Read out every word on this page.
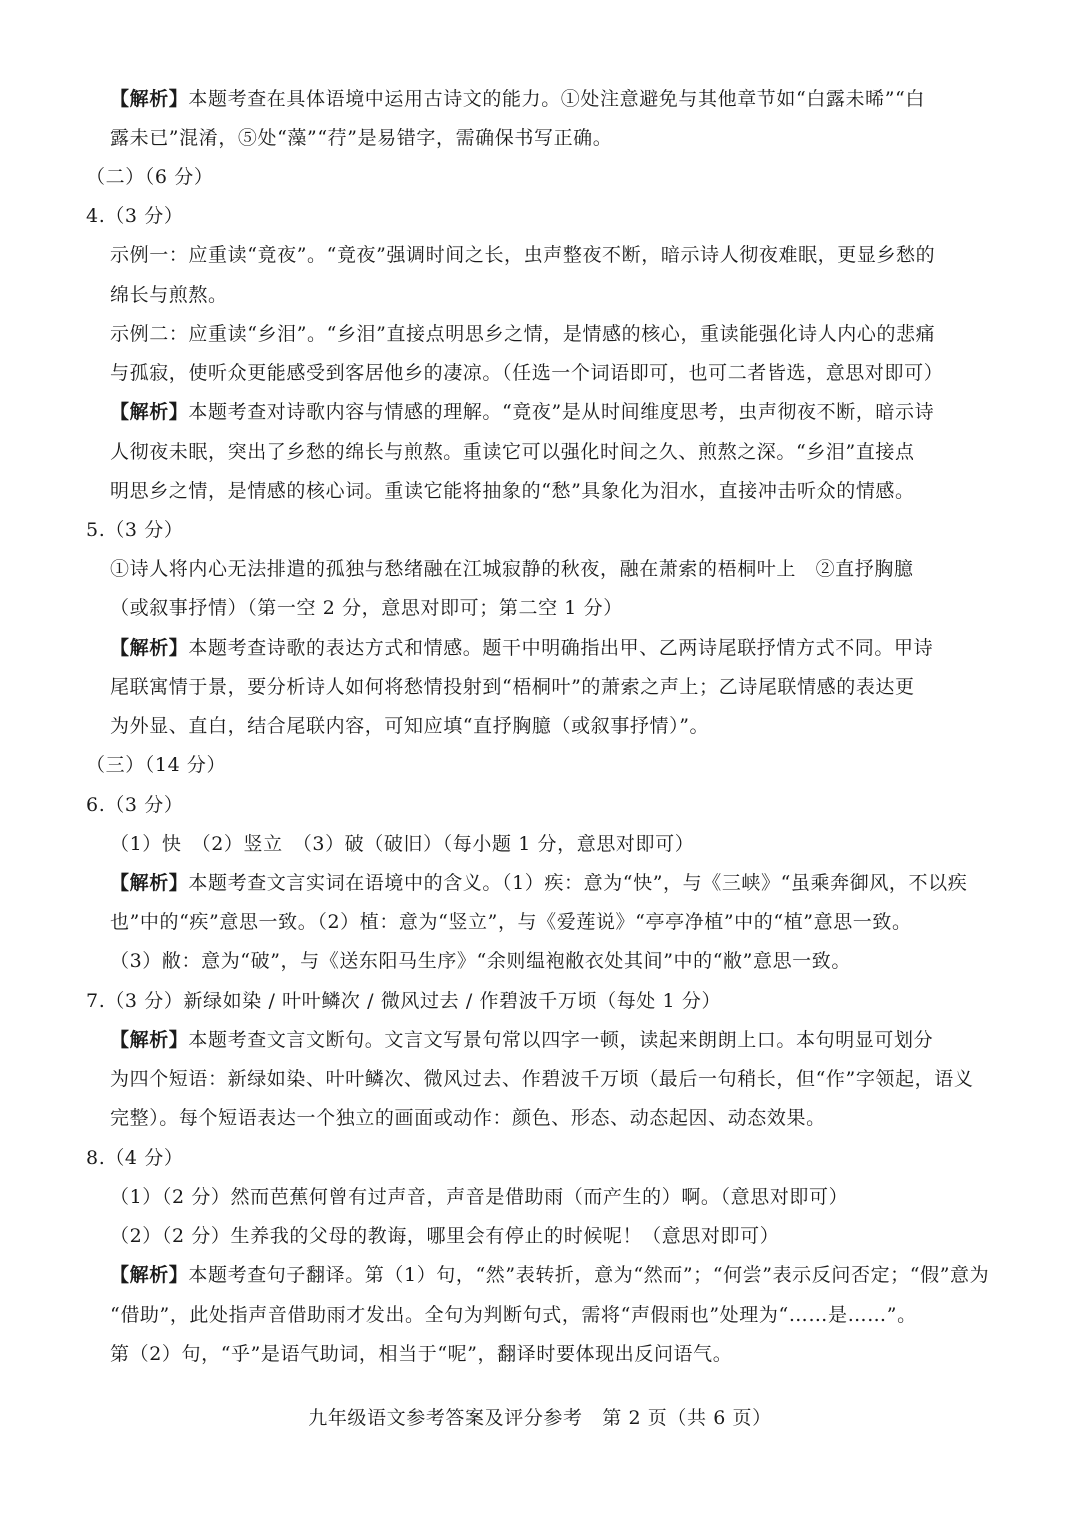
【解析】本题考查在具体语境中运用古诗文的能力。①处注意避免与其他章节如“白露未晞”“白
露未已”混淆，⑤处“藻”“荇”是易错字，需确保书写正确。
（二）（6 分）
4.（3 分）
示例一：应重读“竟夜”。“竟夜”强调时间之长，虫声整夜不断，暗示诗人彻夜难眠，更显乡愁的
绵长与煎熬。
示例二：应重读“乡泪”。“乡泪”直接点明思乡之情，是情感的核心，重读能强化诗人内心的悲痛
与孤寂，使听众更能感受到客居他乡的凄凉。（任选一个词语即可，也可二者皆选，意思对即可）
【解析】本题考查对诗歌内容与情感的理解。“竟夜”是从时间维度思考，虫声彻夜不断，暗示诗
人彻夜未眠，突出了乡愁的绵长与煎熬。重读它可以强化时间之久、煎熬之深。“乡泪”直接点
明思乡之情，是情感的核心词。重读它能将抽象的“愁”具象化为泪水，直接冲击听众的情感。
5.（3 分）
①诗人将内心无法排遣的孤独与愁绪融在江城寂静的秋夜，融在萧索的梧桐叶上　②直抒胸臆
（或叙事抒情）（第一空 2 分，意思对即可；第二空 1 分）
【解析】本题考查诗歌的表达方式和情感。题干中明确指出甲、乙两诗尾联抒情方式不同。甲诗
尾联寓情于景，要分析诗人如何将愁情投射到“梧桐叶”的萧索之声上；乙诗尾联情感的表达更
为外显、直白，结合尾联内容，可知应填“直抒胸臆（或叙事抒情）”。
（三）（14 分）
6.（3 分）
（1）快　（2）竖立　（3）破（破旧）（每小题 1 分，意思对即可）
【解析】本题考查文言实词在语境中的含义。（1）疾：意为“快”，与《三峡》“虽乘奔御风，不以疾
也”中的“疾”意思一致。（2）植：意为“竖立”，与《爱莲说》“亭亭净植”中的“植”意思一致。
（3）敝：意为“破”，与《送东阳马生序》“余则缊袍敝衣处其间”中的“敝”意思一致。
7.（3 分）新绿如染 / 叶叶鳞次 / 微风过去 / 作碧波千万顷（每处 1 分）
【解析】本题考查文言文断句。文言文写景句常以四字一顿，读起来朗朗上口。本句明显可划分
为四个短语：新绿如染、叶叶鳞次、微风过去、作碧波千万顷（最后一句稍长，但“作”字领起，语义
完整）。每个短语表达一个独立的画面或动作：颜色、形态、动态起因、动态效果。
8.（4 分）
（1）（2 分）然而芭蕉何曾有过声音，声音是借助雨（而产生的）啊。（意思对即可）
（2）（2 分）生养我的父母的教诲，哪里会有停止的时候呢！（意思对即可）
【解析】本题考查句子翻译。第（1）句，“然”表转折，意为“然而”；“何尝”表示反问否定；“假”意为
“借助”，此处指声音借助雨才发出。全句为判断句式，需将“声假雨也”处理为“……是……”。
第（2）句，“乎”是语气助词，相当于“呢”，翻译时要体现出反问语气。
九年级语文参考答案及评分参考　第 2 页（共 6 页）
